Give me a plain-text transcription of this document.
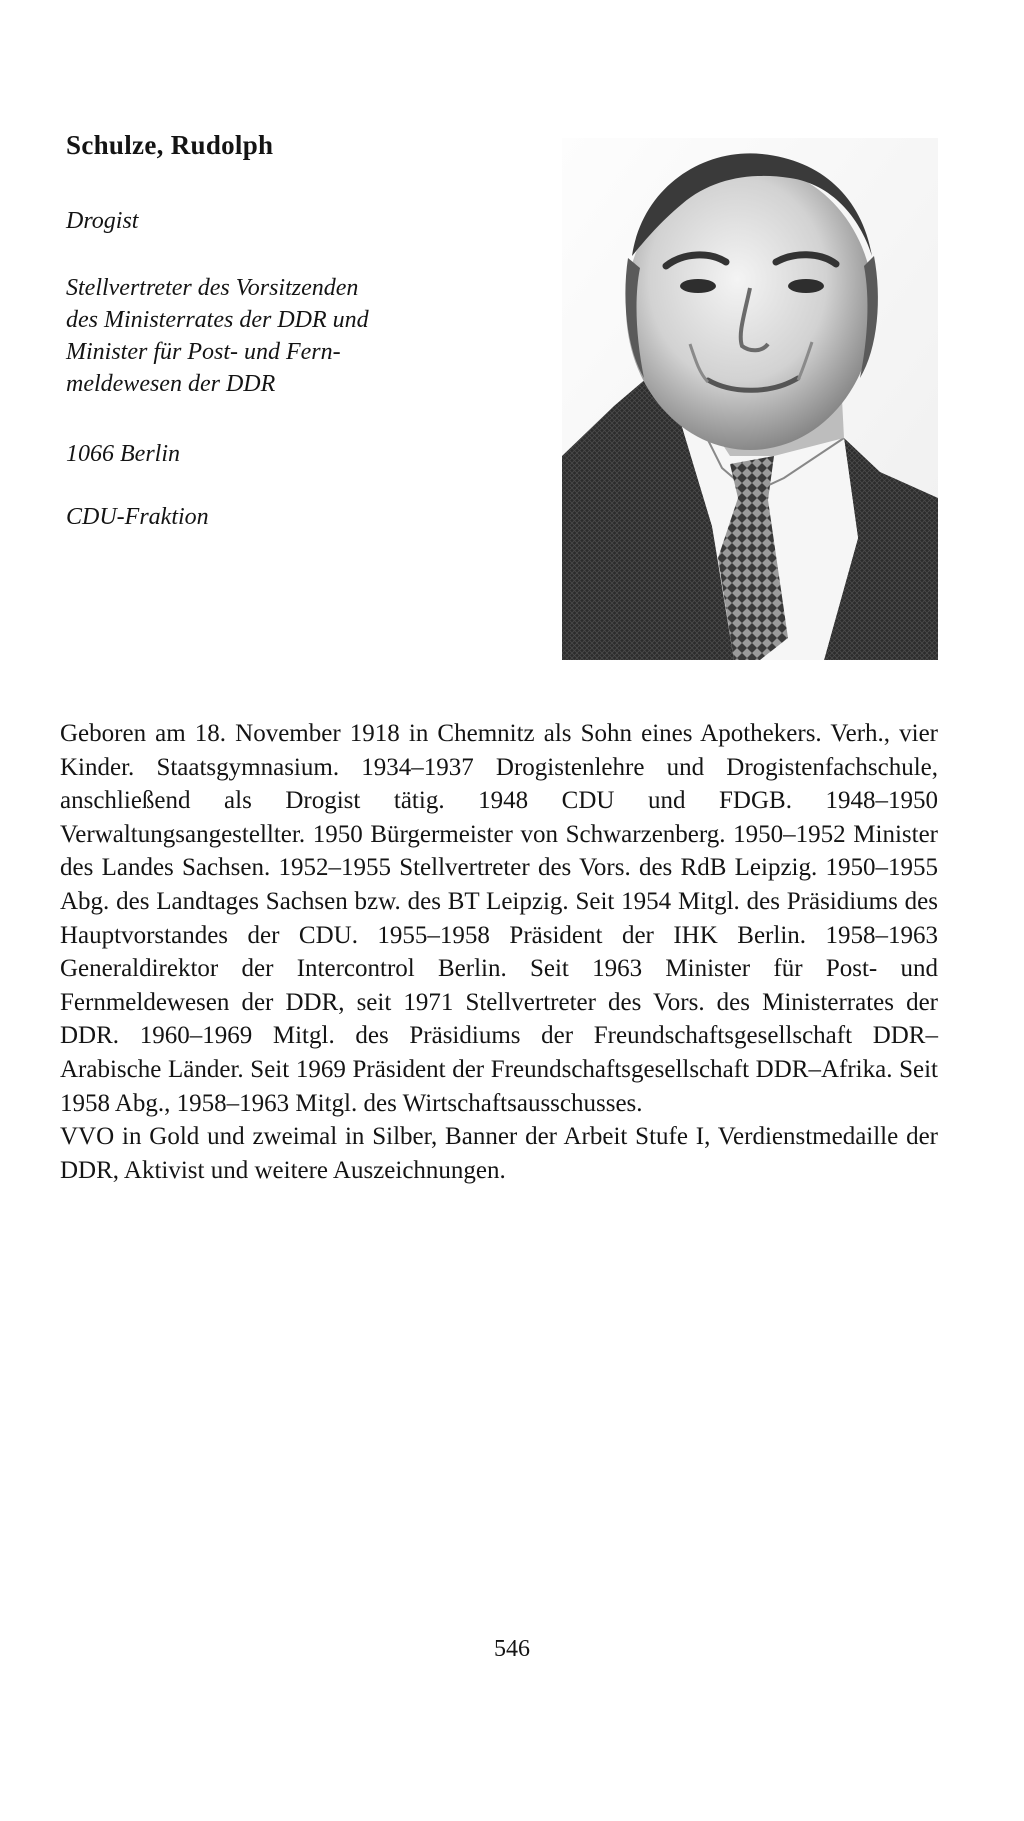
Schulze, Rudolph

Drogist

Stellvertreter des Vorsitzenden

des Ministerrates der DDR und

Minister für Post- und Fern-

meldewesen der DDR

1066 Berlin

CDU-Fraktion

Geboren am 18. November 1918 in Chemnitz als Sohn eines Apothekers. Verh., vier Kinder. Staatsgymnasium. 1934–1937 Drogistenlehre und Drogistenfachschule, anschließend als Drogist tätig. 1948 CDU und FDGB. 1948–1950 Verwaltungsangestellter. 1950 Bürgermeister von Schwarzenberg. 1950–1952 Minister des Landes Sachsen. 1952–1955 Stellvertreter des Vors. des RdB Leipzig. 1950–1955 Abg. des Landtages Sachsen bzw. des BT Leipzig. Seit 1954 Mitgl. des Präsidiums des Hauptvorstandes der CDU. 1955–1958 Präsident der IHK Berlin. 1958–1963 Generaldirektor der Intercontrol Berlin. Seit 1963 Minister für Post- und Fernmeldewesen der DDR, seit 1971 Stellvertreter des Vors. des Ministerrates der DDR. 1960–1969 Mitgl. des Präsidiums der Freundschaftsgesellschaft DDR–Arabische Länder. Seit 1969 Präsident der Freundschaftsgesellschaft DDR–Afrika. Seit 1958 Abg., 1958–1963 Mitgl. des Wirtschaftsausschusses.

VVO in Gold und zweimal in Silber, Banner der Arbeit Stufe I, Verdienstmedaille der DDR, Aktivist und weitere Auszeichnungen.

546
